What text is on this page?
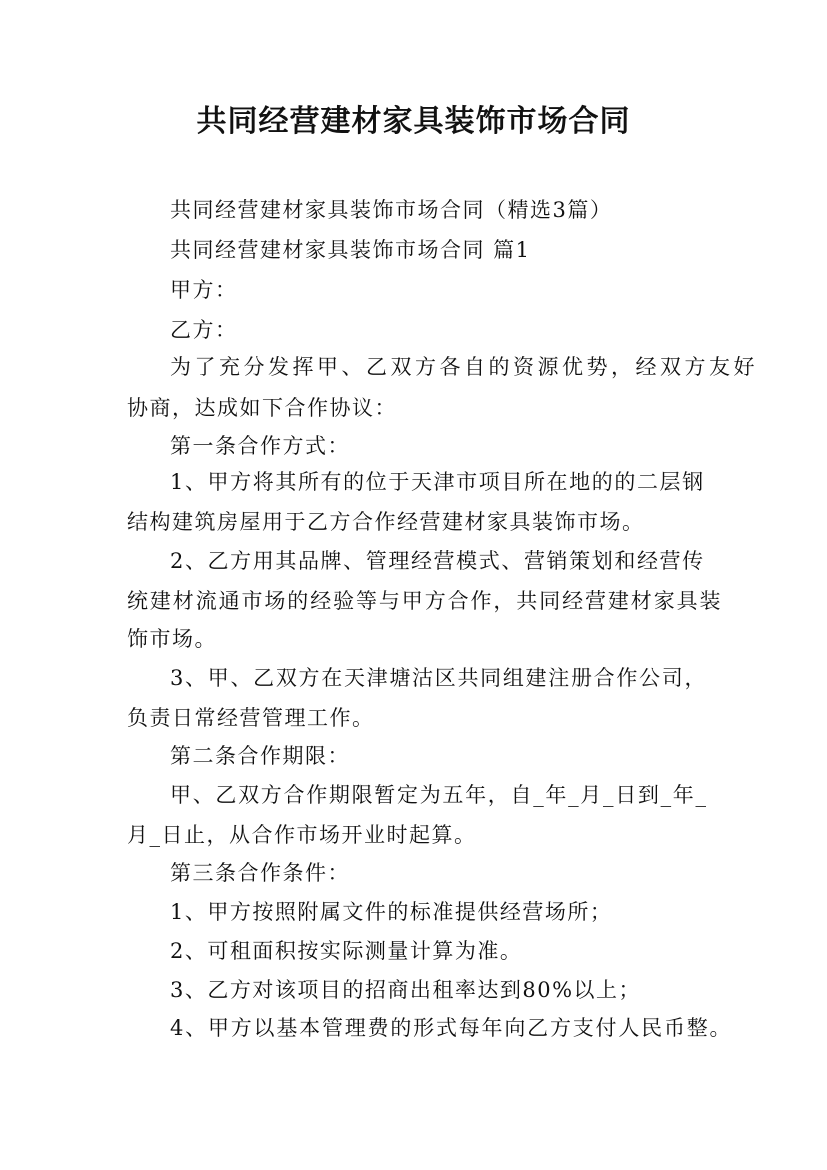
共同经营建材家具装饰市场合同
共同经营建材家具装饰市场合同（精选3篇）
共同经营建材家具装饰市场合同 篇1
甲方：
乙方：
为了充分发挥甲、乙双方各自的资源优势，经双方友好
协商，达成如下合作协议：
第一条合作方式：
1、甲方将其所有的位于天津市项目所在地的的二层钢
结构建筑房屋用于乙方合作经营建材家具装饰市场。
2、乙方用其品牌、管理经营模式、营销策划和经营传
统建材流通市场的经验等与甲方合作，共同经营建材家具装
饰市场。
3、甲、乙双方在天津塘沽区共同组建注册合作公司，
负责日常经营管理工作。
第二条合作期限：
甲、乙双方合作期限暂定为五年，自_年_月_日到_年_
月_日止，从合作市场开业时起算。
第三条合作条件：
1、甲方按照附属文件的标准提供经营场所；
2、可租面积按实际测量计算为准。
3、乙方对该项目的招商出租率达到80%以上；
4、甲方以基本管理费的形式每年向乙方支付人民币整。
